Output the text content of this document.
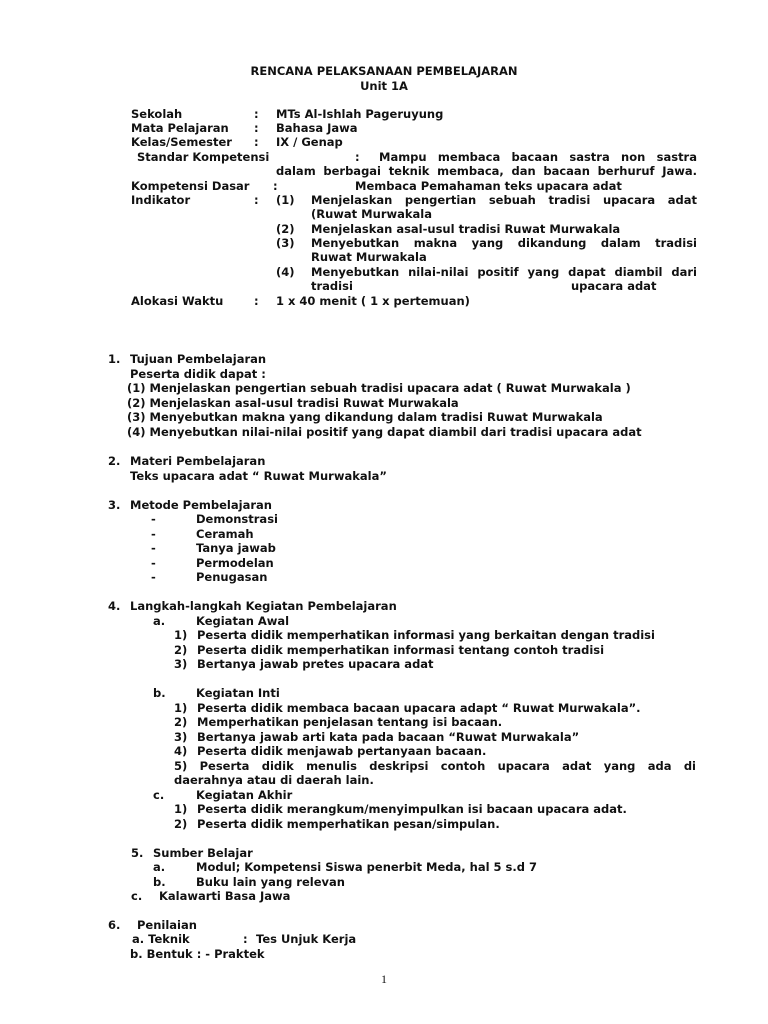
RENCANA PELAKSANAAN PEMBELAJARAN
Unit 1A
Sekolah	: MTs Al-Ishlah Pageruyung
Mata Pelajaran : Bahasa Jawa
Kelas/Semester : IX / Genap
Standar Kompetensi	: Mampu membaca bacaan sastra non sastra
dalam berbagai teknik membaca, dan bacaan berhuruf Jawa.
Kompetensi Dasar :	Membaca Pemahaman teks upacara adat
Indikator	: (1) Menjelaskan pengertian sebuah tradisi upacara adat
(Ruwat Murwakala
(2) Menjelaskan asal-usul tradisi Ruwat Murwakala
(3) Menyebutkan makna yang dikandung dalam tradisi
Ruwat Murwakala
(4) Menyebutkan nilai-nilai positif yang dapat diambil dari
tradisi	upacara adat
Alokasi Waktu	: 1 x 40 menit ( 1 x pertemuan)
1. Tujuan Pembelajaran
Peserta didik dapat :
(1) Menjelaskan pengertian sebuah tradisi upacara adat ( Ruwat Murwakala )
(2) Menjelaskan asal-usul tradisi Ruwat Murwakala
(3) Menyebutkan makna yang dikandung dalam tradisi Ruwat Murwakala
(4) Menyebutkan nilai-nilai positif yang dapat diambil dari tradisi upacara adat
2. Materi Pembelajaran
Teks upacara adat “ Ruwat Murwakala”
3. Metode Pembelajaran
-	Demonstrasi
-	Ceramah
-	Tanya jawab
-	Permodelan
-	Penugasan
4. Langkah-langkah Kegiatan Pembelajaran
a.	Kegiatan Awal
1) Peserta didik memperhatikan informasi yang berkaitan dengan tradisi
2) Peserta didik memperhatikan informasi tentang contoh tradisi
3) Bertanya jawab pretes upacara adat
b.	Kegiatan Inti
1) Peserta didik membaca bacaan upacara adapt “ Ruwat Murwakala”.
2) Memperhatikan penjelasan tentang isi bacaan.
3) Bertanya jawab arti kata pada bacaan “Ruwat Murwakala”
4) Peserta didik menjawab pertanyaan bacaan.
5) Peserta didik menulis deskripsi contoh upacara adat yang ada di
daerahnya atau di daerah lain.
c.	Kegiatan Akhir
1) Peserta didik merangkum/menyimpulkan isi bacaan upacara adat.
2) Peserta didik memperhatikan pesan/simpulan.
5. Sumber Belajar
a.	Modul; Kompetensi Siswa penerbit Meda, hal 5 s.d 7
b.	Buku lain yang relevan
c. Kalawarti Basa Jawa
6. Penilaian
a. Teknik	: Tes Unjuk Kerja
b. Bentuk : - Praktek
1
